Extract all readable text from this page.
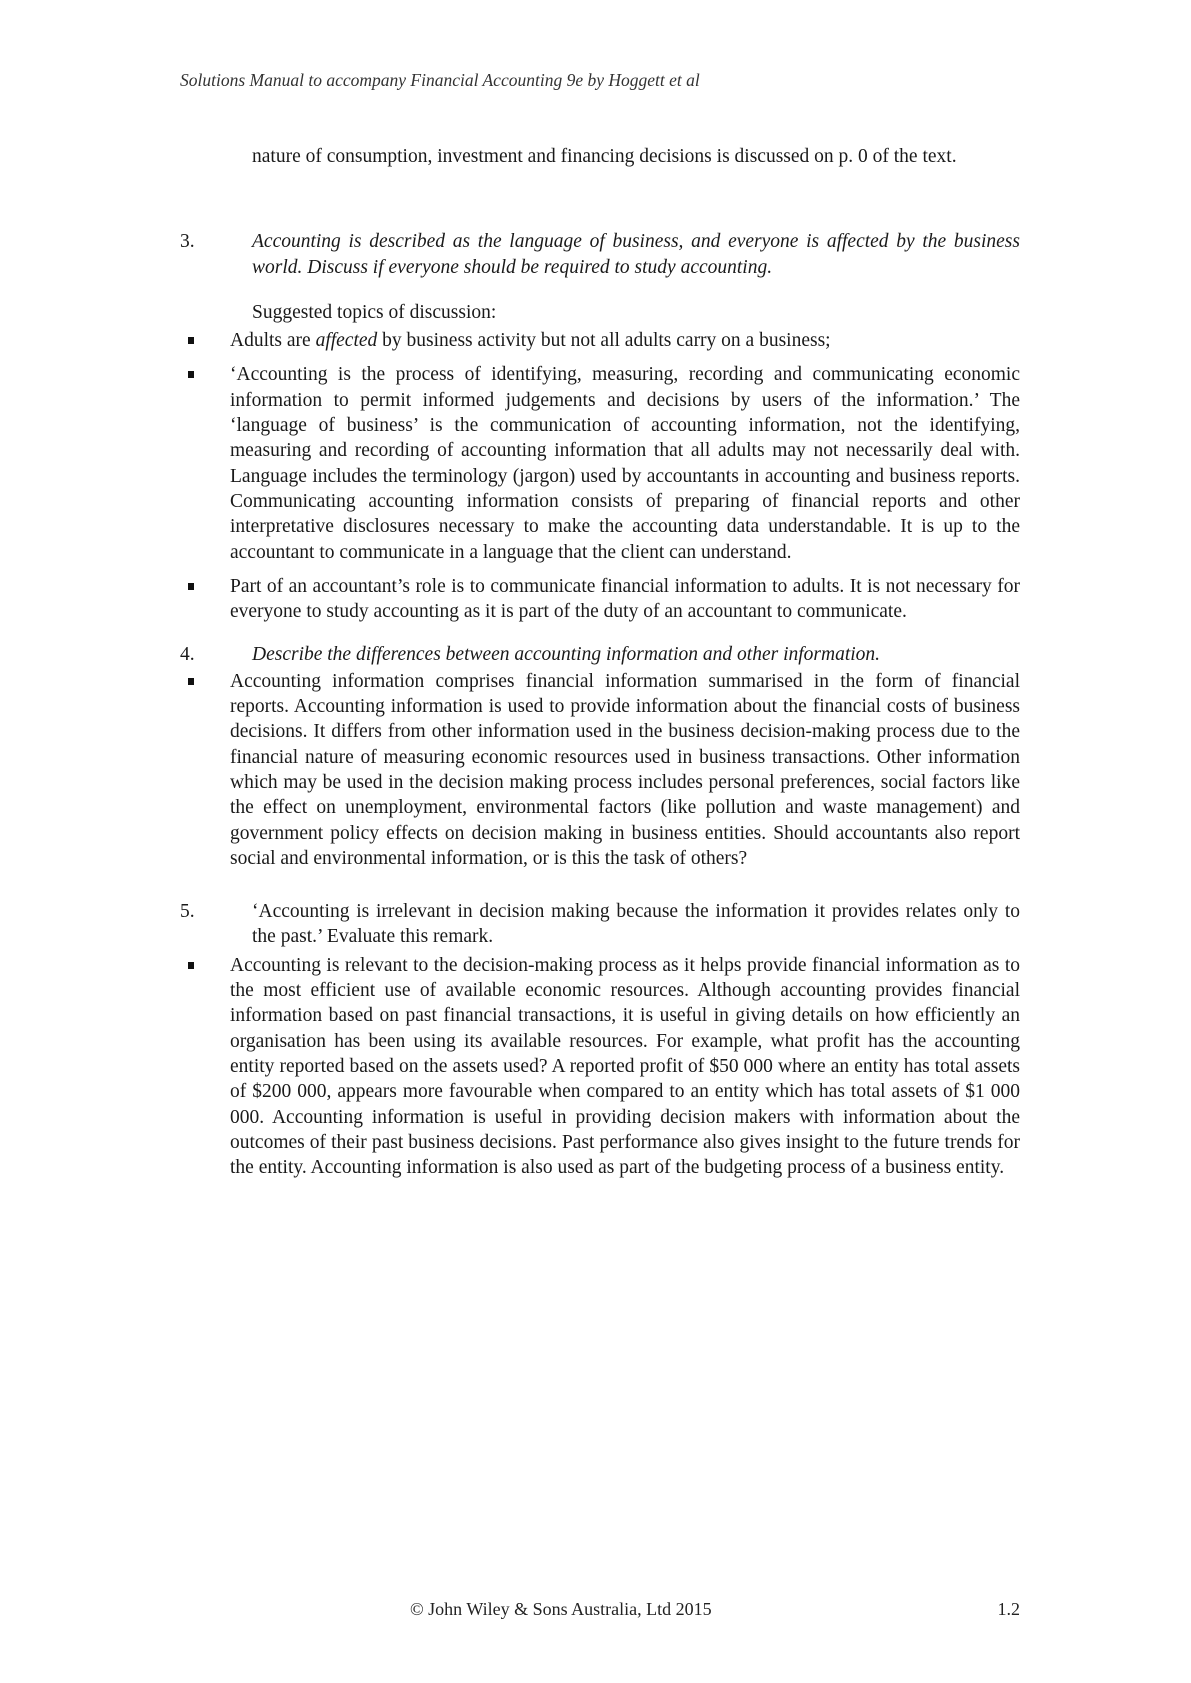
Solutions Manual to accompany Financial Accounting 9e by Hoggett et al
nature of consumption, investment and financing decisions is discussed on p. 0 of the text.
3.	Accounting is described as the language of business, and everyone is affected by the business world. Discuss if everyone should be required to study accounting.
Suggested topics of discussion:
Adults are affected by business activity but not all adults carry on a business;
‘Accounting is the process of identifying, measuring, recording and communicating economic information to permit informed judgements and decisions by users of the information.’ The ‘language of business’ is the communication of accounting information, not the identifying, measuring and recording of accounting information that all adults may not necessarily deal with. Language includes the terminology (jargon) used by accountants in accounting and business reports. Communicating accounting information consists of preparing of financial reports and other interpretative disclosures necessary to make the accounting data understandable. It is up to the accountant to communicate in a language that the client can understand.
Part of an accountant’s role is to communicate financial information to adults. It is not necessary for everyone to study accounting as it is part of the duty of an accountant to communicate.
4.	Describe the differences between accounting information and other information.
Accounting information comprises financial information summarised in the form of financial reports. Accounting information is used to provide information about the financial costs of business decisions. It differs from other information used in the business decision-making process due to the financial nature of measuring economic resources used in business transactions. Other information which may be used in the decision making process includes personal preferences, social factors like the effect on unemployment, environmental factors (like pollution and waste management) and government policy effects on decision making in business entities. Should accountants also report social and environmental information, or is this the task of others?
5.	‘Accounting is irrelevant in decision making because the information it provides relates only to the past.’ Evaluate this remark.
Accounting is relevant to the decision-making process as it helps provide financial information as to the most efficient use of available economic resources. Although accounting provides financial information based on past financial transactions, it is useful in giving details on how efficiently an organisation has been using its available resources. For example, what profit has the accounting entity reported based on the assets used? A reported profit of $50 000 where an entity has total assets of $200 000, appears more favourable when compared to an entity which has total assets of $1 000 000. Accounting information is useful in providing decision makers with information about the outcomes of their past business decisions. Past performance also gives insight to the future trends for the entity. Accounting information is also used as part of the budgeting process of a business entity.
© John Wiley & Sons Australia, Ltd 2015	1.2
